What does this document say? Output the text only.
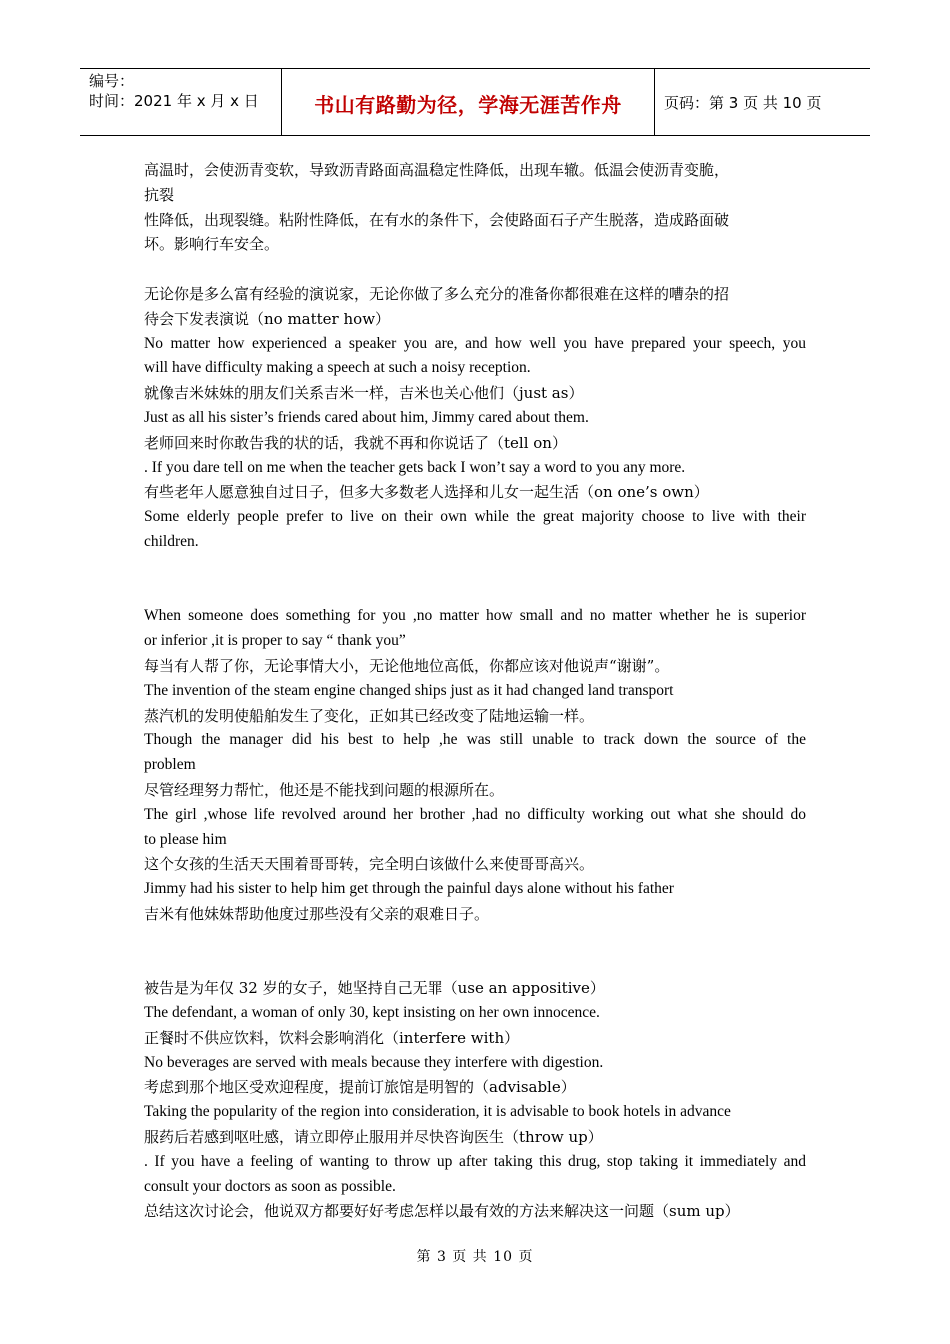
编号：
时间：2021 年 x 月 x 日	书山有路勤为径，学海无涯苦作舟	页码：第 3 页 共 10 页
高温时，会使沥青变软，导致沥青路面高温稳定性降低，出现车辙。低温会使沥青变脆，
抗裂
性降低，出现裂缝。粘附性降低，在有水的条件下，会使路面石子产生脱落，造成路面破
坏。影响行车安全。
无论你是多么富有经验的演说家，无论你做了多么充分的准备你都很难在这样的嘈杂的招
待会下发表演说（no matter how）
No matter how experienced a speaker you are, and how well you have prepared your speech, you
will have difficulty making a speech at such a noisy reception.
就像吉米妹妹的朋友们关系吉米一样，吉米也关心他们（just as）
Just as all his sister’s friends cared about him, Jimmy cared about them.
老师回来时你敢告我的状的话，我就不再和你说话了（tell on）
. If you dare tell on me when the teacher gets back I won’t say a word to you any more.
有些老年人愿意独自过日子，但多大多数老人选择和儿女一起生活（on one’s own）
Some elderly people prefer to live on their own while the great majority choose to live with their
children.
When someone does something for you ,no matter how small and no matter whether he is superior
or inferior ,it is proper to say “ thank you”
每当有人帮了你，无论事情大小，无论他地位高低，你都应该对他说声“谢谢”。
The invention of the steam engine changed ships just as it had changed land transport
蒸汽机的发明使船舶发生了变化，正如其已经改变了陆地运输一样。
Though the manager did his best to help ,he was still unable to track down the source of the
problem
尽管经理努力帮忙，他还是不能找到问题的根源所在。
The girl ,whose life revolved around her brother ,had no difficulty working out what she should do
to please him
这个女孩的生活天天围着哥哥转，完全明白该做什么来使哥哥高兴。
Jimmy had his sister to help him get through the painful days alone without his father
吉米有他妹妹帮助他度过那些没有父亲的艰难日子。
被告是为年仅 32 岁的女子，她坚持自己无罪（use an appositive）
The defendant, a woman of only 30, kept insisting on her own innocence.
正餐时不供应饮料，饮料会影响消化（interfere with）
No beverages are served with meals because they interfere with digestion.
考虑到那个地区受欢迎程度，提前订旅馆是明智的（advisable）
Taking the popularity of the region into consideration, it is advisable to book hotels in advance
服药后若感到呕吐感，请立即停止服用并尽快咨询医生（throw up）
. If you have a feeling of wanting to throw up after taking this drug, stop taking it immediately and
consult your doctors as soon as possible.
总结这次讨论会，他说双方都要好好考虑怎样以最有效的方法来解决这一问题（sum up）
第 3 页 共 10 页
